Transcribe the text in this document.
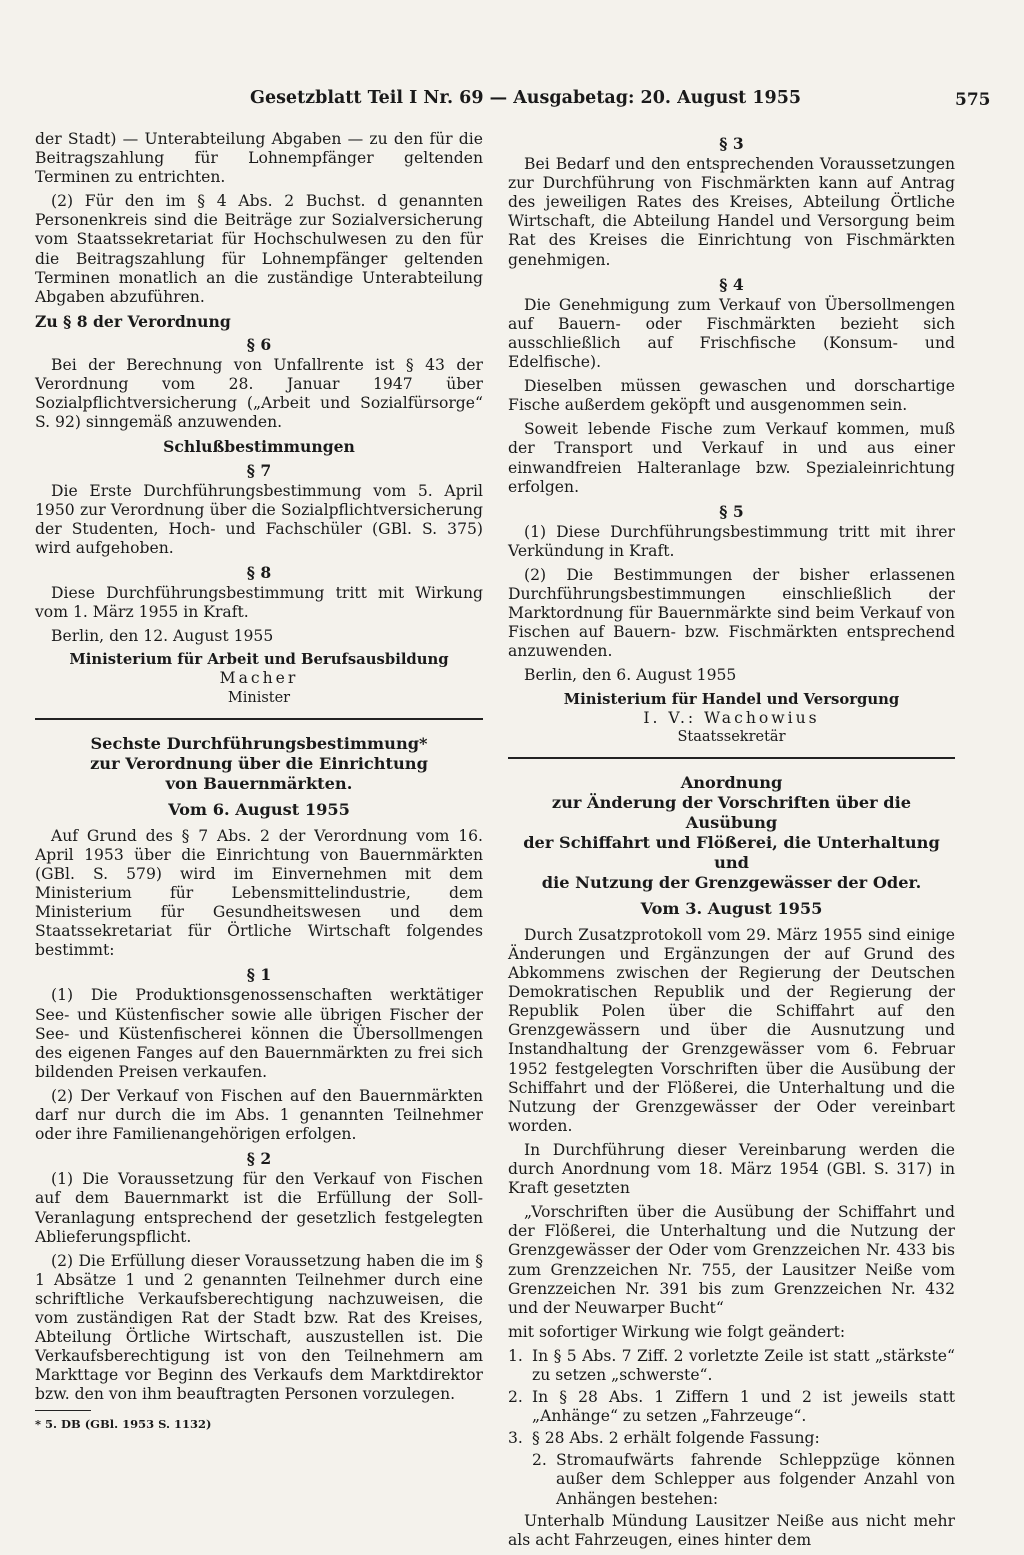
Gesetzblatt Teil I Nr. 69 — Ausgabetag: 20. August 1955	575

der Stadt) — Unterabteilung Abgaben — zu den für die Beitragszahlung für Lohnempfänger geltenden Terminen zu entrichten.

(2) Für den im § 4 Abs. 2 Buchst. d genannten Personenkreis sind die Beiträge zur Sozialversicherung vom Staatssekretariat für Hochschulwesen zu den für die Beitragszahlung für Lohnempfänger geltenden Terminen monatlich an die zuständige Unterabteilung Abgaben abzuführen.

Zu § 8 der Verordnung
§ 6

Bei der Berechnung von Unfallrente ist § 43 der Verordnung vom 28. Januar 1947 über Sozialpflichtversicherung („Arbeit und Sozialfürsorge“ S. 92) sinngemäß anzuwenden.

Schlußbestimmungen
§ 7

Die Erste Durchführungsbestimmung vom 5. April 1950 zur Verordnung über die Sozialpflichtversicherung der Studenten, Hoch- und Fachschüler (GBl. S. 375) wird aufgehoben.

§ 8

Diese Durchführungsbestimmung tritt mit Wirkung vom 1. März 1955 in Kraft.

Berlin, den 12. August 1955
Ministerium für Arbeit und Berufsausbildung
Macher
Minister
Sechste Durchführungsbestimmung*
zur Verordnung über die Einrichtung
von Bauernmärkten.
Vom 6. August 1955

Auf Grund des § 7 Abs. 2 der Verordnung vom 16. April 1953 über die Einrichtung von Bauernmärkten (GBl. S. 579) wird im Einvernehmen mit dem Ministerium für Lebensmittelindustrie, dem Ministerium für Gesundheitswesen und dem Staatssekretariat für Örtliche Wirtschaft folgendes bestimmt:

§ 1

(1) Die Produktionsgenossenschaften werktätiger See- und Küstenfischer sowie alle übrigen Fischer der See- und Küstenfischerei können die Übersollmengen des eigenen Fanges auf den Bauernmärkten zu frei sich bildenden Preisen verkaufen.

(2) Der Verkauf von Fischen auf den Bauernmärkten darf nur durch die im Abs. 1 genannten Teilnehmer oder ihre Familienangehörigen erfolgen.

§ 2

(1) Die Voraussetzung für den Verkauf von Fischen auf dem Bauernmarkt ist die Erfüllung der Soll-Veranlagung entsprechend der gesetzlich festgelegten Ablieferungspflicht.

(2) Die Erfüllung dieser Voraussetzung haben die im § 1 Absätze 1 und 2 genannten Teilnehmer durch eine schriftliche Verkaufsberechtigung nachzuweisen, die vom zuständigen Rat der Stadt bzw. Rat des Kreises, Abteilung Örtliche Wirtschaft, auszustellen ist. Die Verkaufsberechtigung ist von den Teilnehmern am Markttage vor Beginn des Verkaufs dem Marktdirektor bzw. den von ihm beauftragten Personen vorzulegen.

* 5. DB (GBl. 1953 S. 1132)
§ 3

Bei Bedarf und den entsprechenden Voraussetzungen zur Durchführung von Fischmärkten kann auf Antrag des jeweiligen Rates des Kreises, Abteilung Örtliche Wirtschaft, die Abteilung Handel und Versorgung beim Rat des Kreises die Einrichtung von Fischmärkten genehmigen.

§ 4

Die Genehmigung zum Verkauf von Übersollmengen auf Bauern- oder Fischmärkten bezieht sich ausschließlich auf Frischfische (Konsum- und Edelfische).

Dieselben müssen gewaschen und dorschartige Fische außerdem geköpft und ausgenommen sein.

Soweit lebende Fische zum Verkauf kommen, muß der Transport und Verkauf in und aus einer einwandfreien Halteranlage bzw. Spezialeinrichtung erfolgen.

§ 5

(1) Diese Durchführungsbestimmung tritt mit ihrer Verkündung in Kraft.

(2) Die Bestimmungen der bisher erlassenen Durchführungsbestimmungen einschließlich der Marktordnung für Bauernmärkte sind beim Verkauf von Fischen auf Bauern- bzw. Fischmärkten entsprechend anzuwenden.

Berlin, den 6. August 1955
Ministerium für Handel und Versorgung
I. V.: Wachowius
Staatssekretär
Anordnung
zur Änderung der Vorschriften über die Ausübung
der Schiffahrt und Flößerei, die Unterhaltung und
die Nutzung der Grenzgewässer der Oder.
Vom 3. August 1955

Durch Zusatzprotokoll vom 29. März 1955 sind einige Änderungen und Ergänzungen der auf Grund des Abkommens zwischen der Regierung der Deutschen Demokratischen Republik und der Regierung der Republik Polen über die Schiffahrt auf den Grenzgewässern und über die Ausnutzung und Instandhaltung der Grenzgewässer vom 6. Februar 1952 festgelegten Vorschriften über die Ausübung der Schiffahrt und der Flößerei, die Unterhaltung und die Nutzung der Grenzgewässer der Oder vereinbart worden.

In Durchführung dieser Vereinbarung werden die durch Anordnung vom 18. März 1954 (GBl. S. 317) in Kraft gesetzten

„Vorschriften über die Ausübung der Schiffahrt und der Flößerei, die Unterhaltung und die Nutzung der Grenzgewässer der Oder vom Grenzzeichen Nr. 433 bis zum Grenzzeichen Nr. 755, der Lausitzer Neiße vom Grenzzeichen Nr. 391 bis zum Grenzzeichen Nr. 432 und der Neuwarper Bucht“

mit sofortiger Wirkung wie folgt geändert:

1. In § 5 Abs. 7 Ziff. 2 vorletzte Zeile ist statt „stärkste“ zu setzen „schwerste“.
2. In § 28 Abs. 1 Ziffern 1 und 2 ist jeweils statt „Anhänge“ zu setzen „Fahrzeuge“.
3. § 28 Abs. 2 erhält folgende Fassung:
2. Stromaufwärts fahrende Schleppzüge können außer dem Schlepper aus folgender Anzahl von Anhängen bestehen:

Unterhalb Mündung Lausitzer Neiße aus nicht mehr als acht Fahrzeugen, eines hinter dem
